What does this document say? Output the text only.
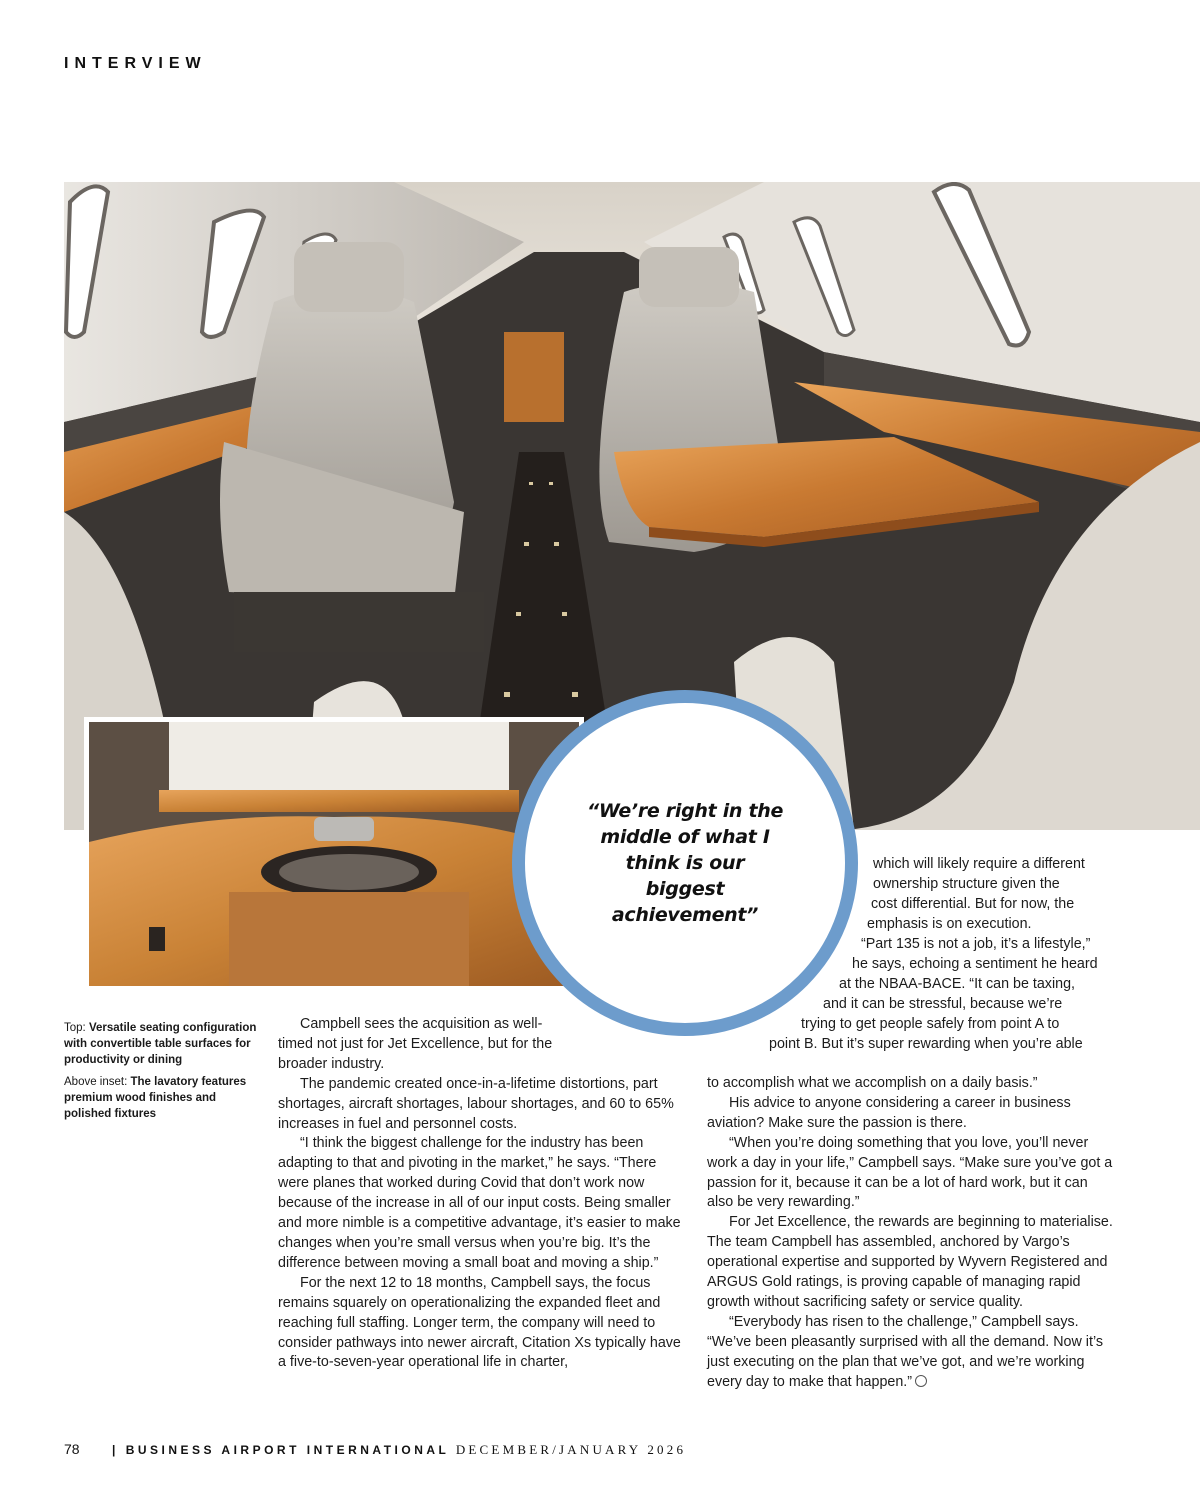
INTERVIEW

“We’re right in the middle of what I think is our biggest achievement”

Top: Versatile seating configuration with convertible table surfaces for productivity or dining

Above inset: The lavatory features premium wood finishes and polished fixtures

Campbell sees the acquisition as well-timed not just for Jet Excellence, but for the broader industry.

The pandemic created once-in-a-lifetime distortions, part shortages, aircraft shortages, labour shortages, and 60 to 65% increases in fuel and personnel costs.

“I think the biggest challenge for the industry has been adapting to that and pivoting in the market,” he says. “There were planes that worked during Covid that don’t work now because of the increase in all of our input costs. Being smaller and more nimble is a competitive advantage, it’s easier to make changes when you’re small versus when you’re big. It’s the difference between moving a small boat and moving a ship.”

For the next 12 to 18 months, Campbell says, the focus remains squarely on operationalizing the expanded fleet and reaching full staffing. Longer term, the company will need to consider pathways into newer aircraft, Citation Xs typically have a five-to-seven-year operational life in charter,

which will likely require a different
ownership structure given the
cost differential. But for now, the
emphasis is on execution.
“Part 135 is not a job, it’s a lifestyle,”
he says, echoing a sentiment he heard
at the NBAA-BACE. “It can be taxing,
and it can be stressful, because we’re
trying to get people safely from point A to
point B. But it’s super rewarding when you’re able

to accomplish what we accomplish on a daily basis.”

His advice to anyone considering a career in business aviation? Make sure the passion is there.

“When you’re doing something that you love, you’ll never work a day in your life,” Campbell says. “Make sure you’ve got a passion for it, because it can be a lot of hard work, but it can also be very rewarding.”

For Jet Excellence, the rewards are beginning to materialise. The team Campbell has assembled, anchored by Vargo’s operational expertise and supported by Wyvern Registered and ARGUS Gold ratings, is proving capable of managing rapid growth without sacrificing safety or service quality.

“Everybody has risen to the challenge,” Campbell says. “We’ve been pleasantly surprised with all the demand. Now it’s just executing on the plan that we’ve got, and we’re working every day to make that happen.”

78	| BUSINESS AIRPORT INTERNATIONAL DECEMBER/JANUARY 2026
